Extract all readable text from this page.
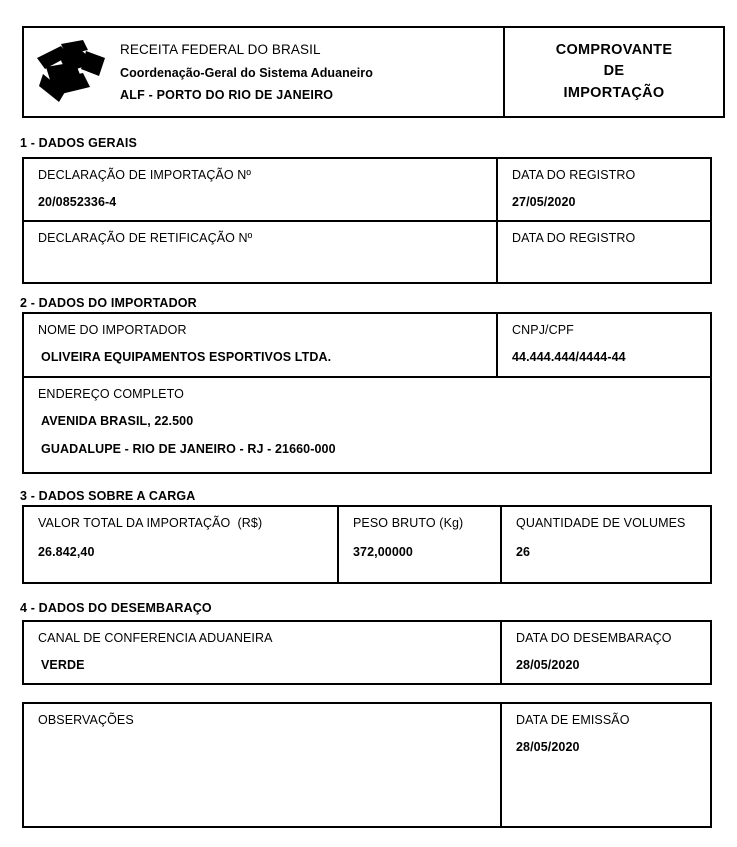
RECEITA FEDERAL DO BRASIL
Coordenação-Geral do Sistema Aduaneiro
ALF - PORTO DO RIO DE JANEIRO
COMPROVANTE
DE
IMPORTAÇÃO
1 - DADOS GERAIS
DECLARAÇÃO DE IMPORTAÇÃO Nº
20/0852336-4
DATA DO REGISTRO
27/05/2020
DECLARAÇÃO DE RETIFICAÇÃO Nº	DATA DO REGISTRO
2 - DADOS DO IMPORTADOR
NOME DO IMPORTADOR
OLIVEIRA EQUIPAMENTOS ESPORTIVOS LTDA.
CNPJ/CPF
44.444.444/4444-44
ENDEREÇO COMPLETO
AVENIDA BRASIL, 22.500
GUADALUPE - RIO DE JANEIRO - RJ - 21660-000
3 - DADOS SOBRE A CARGA
VALOR TOTAL DA IMPORTAÇÃO  (R$)
26.842,40
PESO BRUTO (Kg)
372,00000
QUANTIDADE DE VOLUMES
26
4 - DADOS DO DESEMBARAÇO
CANAL DE CONFERENCIA ADUANEIRA
VERDE
DATA DO DESEMBARAÇO
28/05/2020
OBSERVAÇÕES	DATA DE EMISSÃO
28/05/2020
